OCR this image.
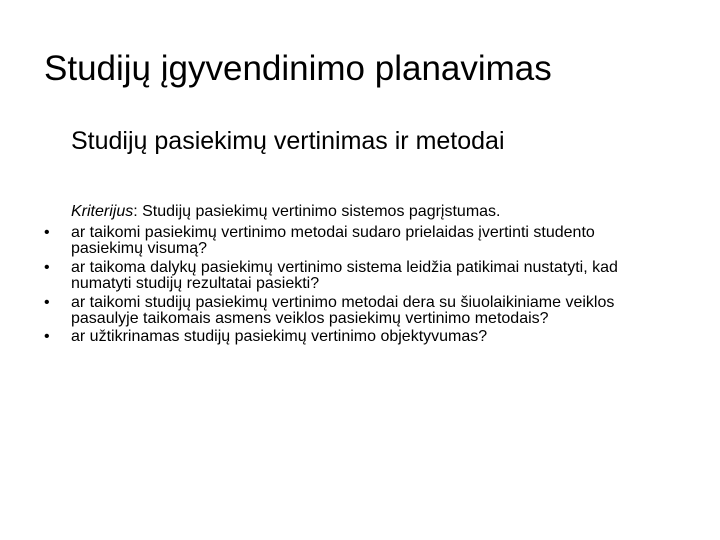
Studijų įgyvendinimo planavimas
Studijų pasiekimų vertinimas ir metodai
Kriterijus: Studijų pasiekimų vertinimo sistemos pagrįstumas.
•	ar taikomi pasiekimų vertinimo metodai sudaro prielaidas įvertinti studento pasiekimų visumą?
•	ar taikoma dalykų pasiekimų vertinimo sistema leidžia patikimai nustatyti, kad numatyti studijų rezultatai pasiekti?
•	ar taikomi studijų pasiekimų vertinimo metodai dera su šiuolaikiniame veiklos pasaulyje taikomais asmens veiklos pasiekimų vertinimo metodais?
•	ar užtikrinamas studijų pasiekimų vertinimo objektyvumas?
